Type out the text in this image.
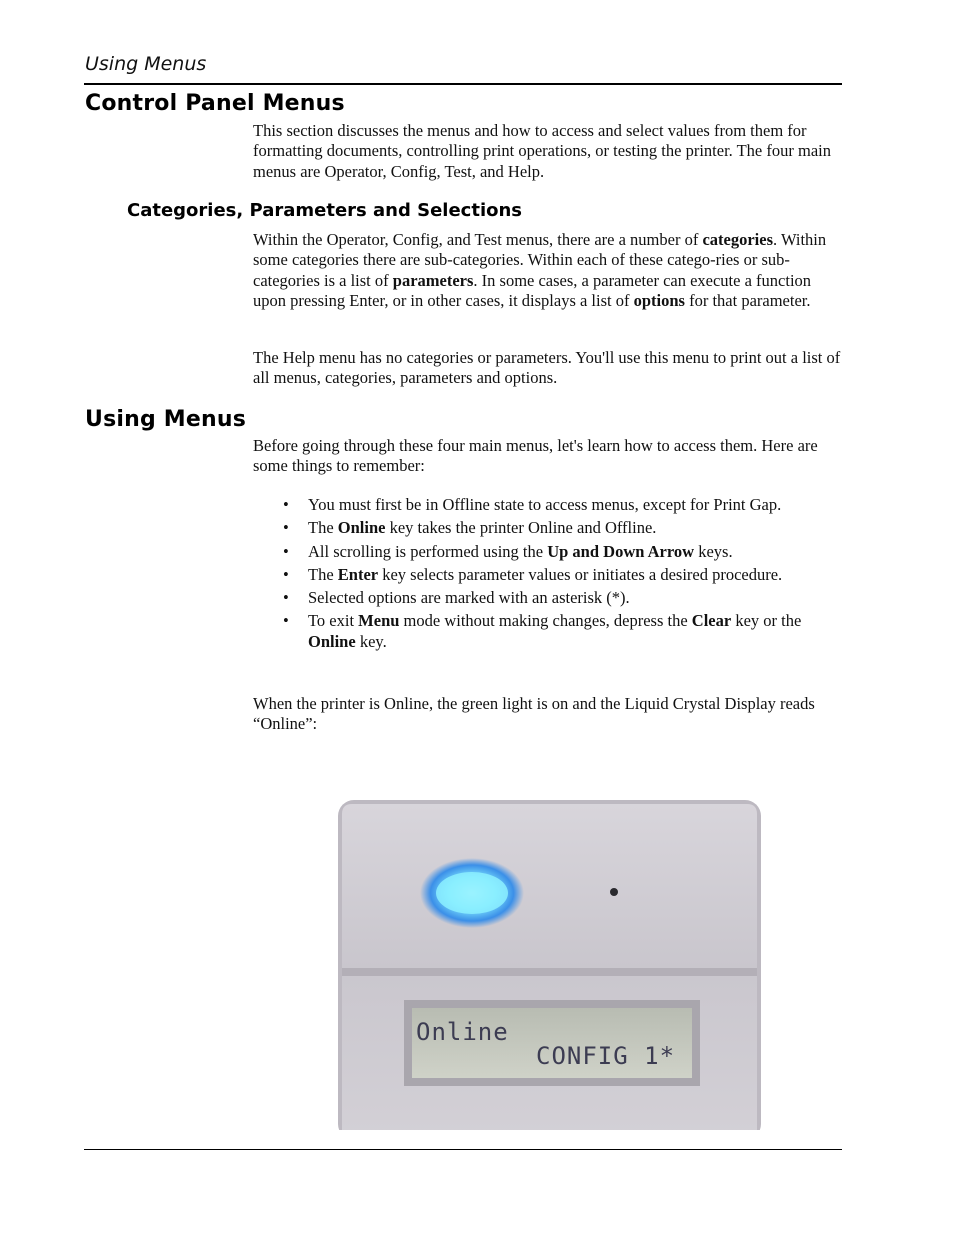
Using Menus
Control Panel Menus

This section discusses the menus and how to access and select values from them for formatting documents, controlling print operations, or testing the printer. The four main menus are Operator, Config, Test, and Help.

Categories, Parameters and Selections

Within the Operator, Config, and Test menus, there are a number of categories. Within some categories there are sub-categories. Within each of these catego-ries or sub-categories is a list of parameters. In some cases, a parameter can execute a function upon pressing Enter, or in other cases, it displays a list of options for that parameter.

The Help menu has no categories or parameters. You'll use this menu to print out a list of all menus, categories, parameters and options.

Using Menus

Before going through these four main menus, let's learn how to access them. Here are some things to remember:

• You must first be in Offline state to access menus, except for Print Gap.
• The Online key takes the printer Online and Offline.
• All scrolling is performed using the Up and Down Arrow keys.
• The Enter key selects parameter values or initiates a desired procedure.
• Selected options are marked with an asterisk (*).
• To exit Menu mode without making changes, depress the Clear key or the Online key.

When the printer is Online, the green light is on and the Liquid Crystal Display reads “Online”:

Online
CONFIG 1*
